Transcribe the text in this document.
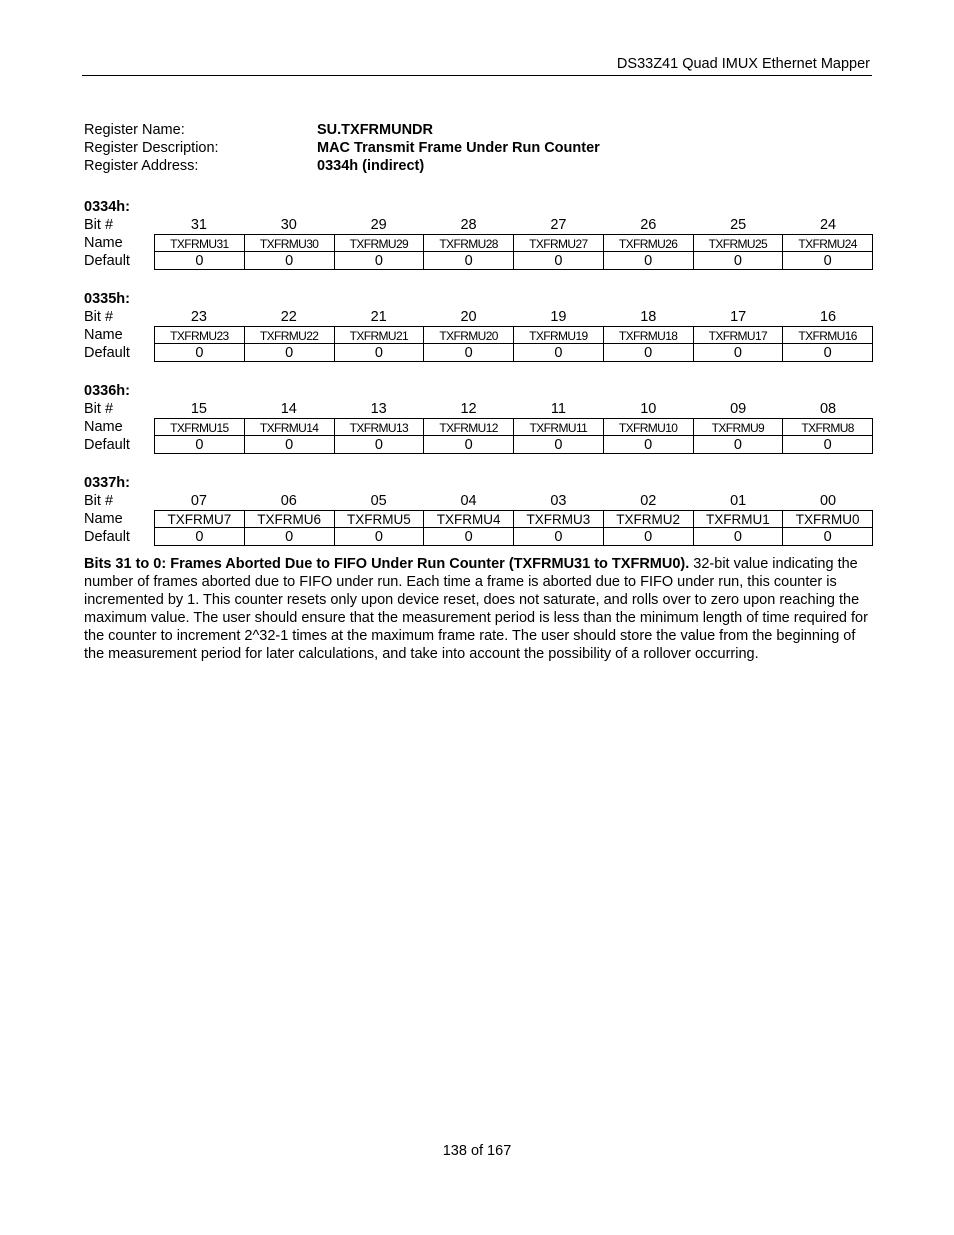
DS33Z41 Quad IMUX Ethernet Mapper
Register Name:	SU.TXFRMUNDR
Register Description:	MAC Transmit Frame Under Run Counter
Register Address:	0334h (indirect)
0334h:
Bit #	31	30	29	28	27	26	25	24
Name	TXFRMU31	TXFRMU30	TXFRMU29	TXFRMU28	TXFRMU27	TXFRMU26	TXFRMU25	TXFRMU24
Default	0	0	0	0	0	0	0	0
0335h:
Bit #	23	22	21	20	19	18	17	16
Name	TXFRMU23	TXFRMU22	TXFRMU21	TXFRMU20	TXFRMU19	TXFRMU18	TXFRMU17	TXFRMU16
Default	0	0	0	0	0	0	0	0
0336h:
Bit #	15	14	13	12	11	10	09	08
Name	TXFRMU15	TXFRMU14	TXFRMU13	TXFRMU12	TXFRMU11	TXFRMU10	TXFRMU9	TXFRMU8
Default	0	0	0	0	0	0	0	0
0337h:
Bit #	07	06	05	04	03	02	01	00
Name	TXFRMU7	TXFRMU6	TXFRMU5	TXFRMU4	TXFRMU3	TXFRMU2	TXFRMU1	TXFRMU0
Default	0	0	0	0	0	0	0	0
Bits 31 to 0: Frames Aborted Due to FIFO Under Run Counter (TXFRMU31 to TXFRMU0). 32-bit value indicating the number of frames aborted due to FIFO under run. Each time a frame is aborted due to FIFO under run, this counter is incremented by 1. This counter resets only upon device reset, does not saturate, and rolls over to zero upon reaching the maximum value. The user should ensure that the measurement period is less than the minimum length of time required for the counter to increment 2^32-1 times at the maximum frame rate. The user should store the value from the beginning of the measurement period for later calculations, and take into account the possibility of a rollover occurring.
138 of 167
